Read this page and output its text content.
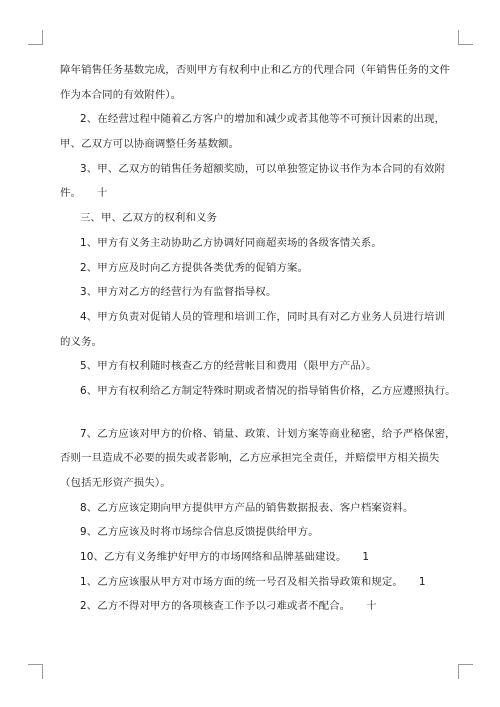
障年销售任务基数完成，否则甲方有权利中止和乙方的代理合同（年销售任务的文件
作为本合同的有效附件）。
2、在经营过程中随着乙方客户的增加和减少或者其他等不可预计因素的出现，
甲、乙双方可以协商调整任务基数额。
3、甲、乙双方的销售任务超额奖励，可以单独签定协议书作为本合同的有效附
件。　　十
三、甲、乙双方的权利和义务
1、甲方有义务主动协助乙方协调好同商超卖场的各级客情关系。
2、甲方应及时向乙方提供各类优秀的促销方案。
3、甲方对乙方的经营行为有监督指导权。
4、甲方负责对促销人员的管理和培训工作，同时具有对乙方业务人员进行培训
的义务。
5、甲方有权利随时核查乙方的经营帐目和费用（限甲方产品）。
6、甲方有权利给乙方制定特殊时期或者情况的指导销售价格，乙方应遵照执行。
7、乙方应该对甲方的价格、销量、政策、计划方案等商业秘密，给予严格保密，
否则一旦造成不必要的损失或者影响，乙方应承担完全责任，并赔偿甲方相关损失
（包括无形资产损失）。
8、乙方应该定期向甲方提供甲方产品的销售数据报表、客户档案资料。
9、乙方应该及时将市场综合信息反馈提供给甲方。
10、乙方有义务维护好甲方的市场网络和品牌基础建设。　　1
1、乙方应该服从甲方对市场方面的统一号召及相关指导政策和规定。　　1
2、乙方不得对甲方的各项核查工作予以刁难或者不配合。　　十
